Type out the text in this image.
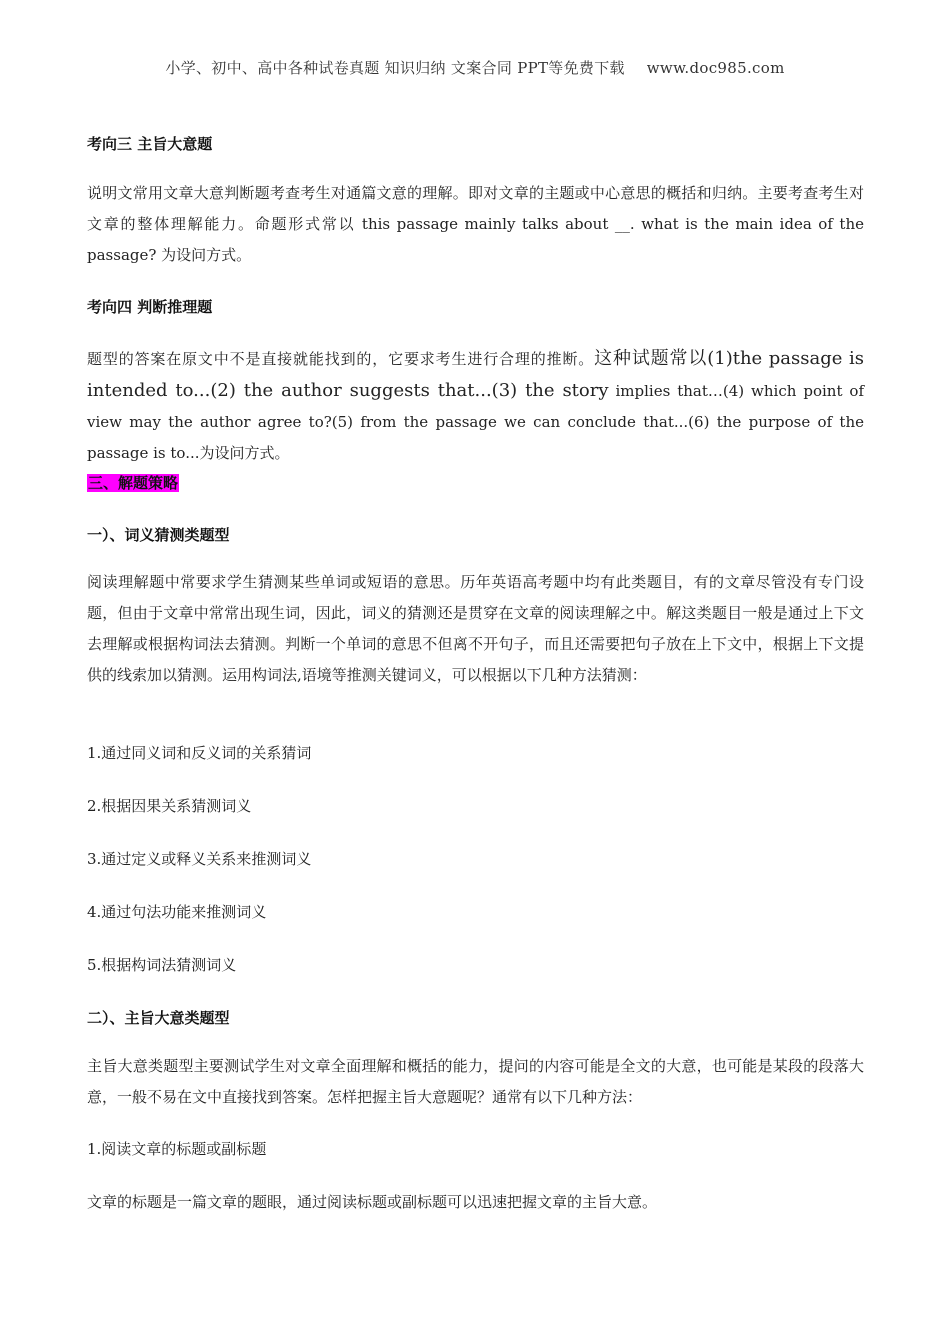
小学、初中、高中各种试卷真题 知识归纳 文案合同 PPT等免费下载 www.doc985.com

考向三 主旨大意题

说明文常用文章大意判断题考查考生对通篇文意的理解。即对文章的主题或中心意思的概括和归纳。主要考查考生对文章的整体理解能力。命题形式常以 this passage mainly talks about __. what is the main idea of the passage? 为设问方式。

考向四 判断推理题

题型的答案在原文中不是直接就能找到的，它要求考生进行合理的推断。这种试题常以(1)the passage is intended to...(2) the author suggests that...(3) the story implies that…(4) which point of view may the author agree to?(5) from the passage we can conclude that...(6) the purpose of the passage is to...为设问方式。

三、解题策略

一）、词义猜测类题型

阅读理解题中常要求学生猜测某些单词或短语的意思。历年英语高考题中均有此类题目，有的文章尽管没有专门设题，但由于文章中常常出现生词，因此，词义的猜测还是贯穿在文章的阅读理解之中。解这类题目一般是通过上下文去理解或根据构词法去猜测。判断一个单词的意思不但离不开句子，而且还需要把句子放在上下文中，根据上下文提供的线索加以猜测。运用构词法,语境等推测关键词义，可以根据以下几种方法猜测：

1.通过同义词和反义词的关系猜词

2.根据因果关系猜测词义

3.通过定义或释义关系来推测词义

4.通过句法功能来推测词义

5.根据构词法猜测词义

二）、主旨大意类题型

主旨大意类题型主要测试学生对文章全面理解和概括的能力，提问的内容可能是全文的大意，也可能是某段的段落大意，一般不易在文中直接找到答案。怎样把握主旨大意题呢？通常有以下几种方法：

1.阅读文章的标题或副标题

文章的标题是一篇文章的题眼，通过阅读标题或副标题可以迅速把握文章的主旨大意。
